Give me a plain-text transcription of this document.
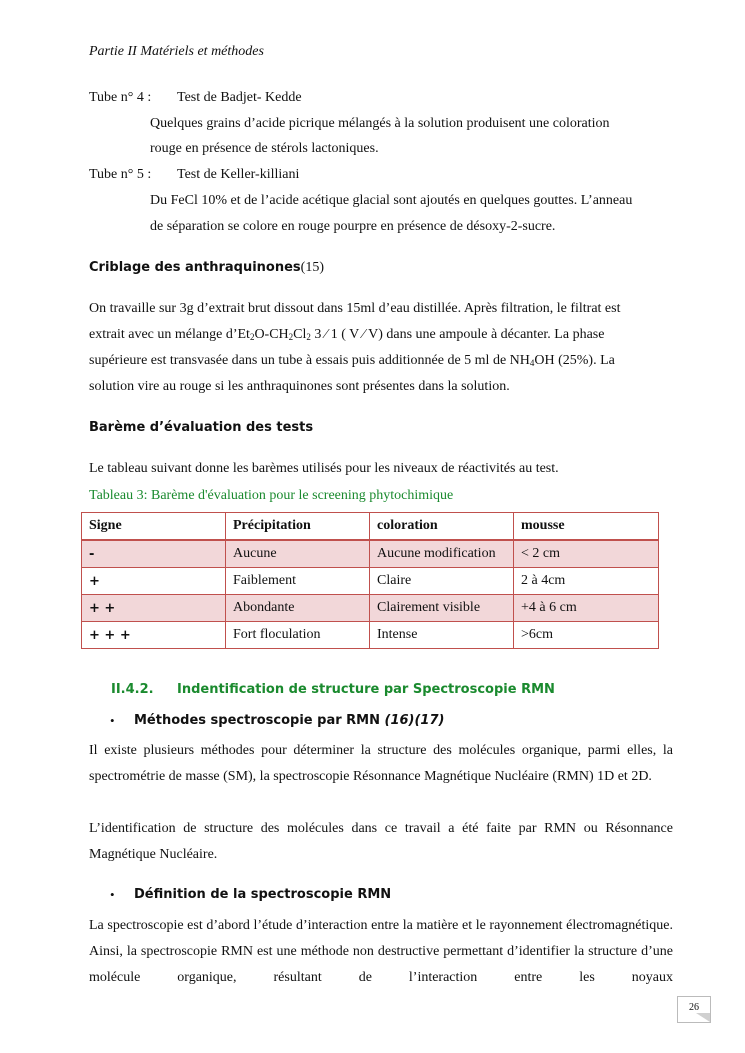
Partie II Matériels et méthodes
Tube n° 4 : Test de Badjet- Kedde
Quelques grains d’acide picrique mélangés à la solution produisent une coloration
rouge en présence de stérols lactoniques.
Tube n° 5 : Test de Keller-killiani
Du FeCl 10% et de l’acide acétique glacial sont ajoutés en quelques gouttes. L’anneau
de séparation se colore en rouge pourpre en présence de désoxy-2-sucre.
Criblage des anthraquinones(15)
On travaille sur 3g d’extrait brut dissout dans 15ml d’eau distillée. Après filtration, le filtrat est
extrait avec un mélange $d’Et_2O-CH_2Cl_2$ 3 ⁄ 1 ( V ⁄ V) dans une ampoule à décanter. La phase
supérieure est transvasée dans un tube à essais puis additionnée de 5 ml de $NH_4OH$ (25%). La
solution vire au rouge si les anthraquinones sont présentes dans la solution.
Barème d’évaluation des tests
Le tableau suivant donne les barèmes utilisés pour les niveaux de réactivités au test.
Tableau 3: Barème d'évaluation pour le screening phytochimique
Signe	Précipitation	coloration	mousse
-	Aucune	Aucune modification	< 2 cm
+	Faiblement	Claire	2 à 4cm
+ +	Abondante	Clairement visible	+4 à 6 cm
+ + +	Fort floculation	Intense	>6cm
II.4.2. Indentification de structure par Spectroscopie RMN
• Méthodes spectroscopie par RMN (16)(17)
Il existe plusieurs méthodes pour déterminer la structure des molécules organique, parmi elles, la spectrométrie de masse (SM), la spectroscopie Résonnance Magnétique Nucléaire (RMN) 1D et 2D.
L’identification de structure des molécules dans ce travail a été faite par RMN ou Résonnance Magnétique Nucléaire.
• Définition de la spectroscopie RMN
La spectroscopie est d’abord l’étude d’interaction entre la matière et le rayonnement électromagnétique. Ainsi, la spectroscopie RMN est une méthode non destructive permettant d’identifier la structure d’une molécule organique, résultant de l’interaction entre les noyaux
26
